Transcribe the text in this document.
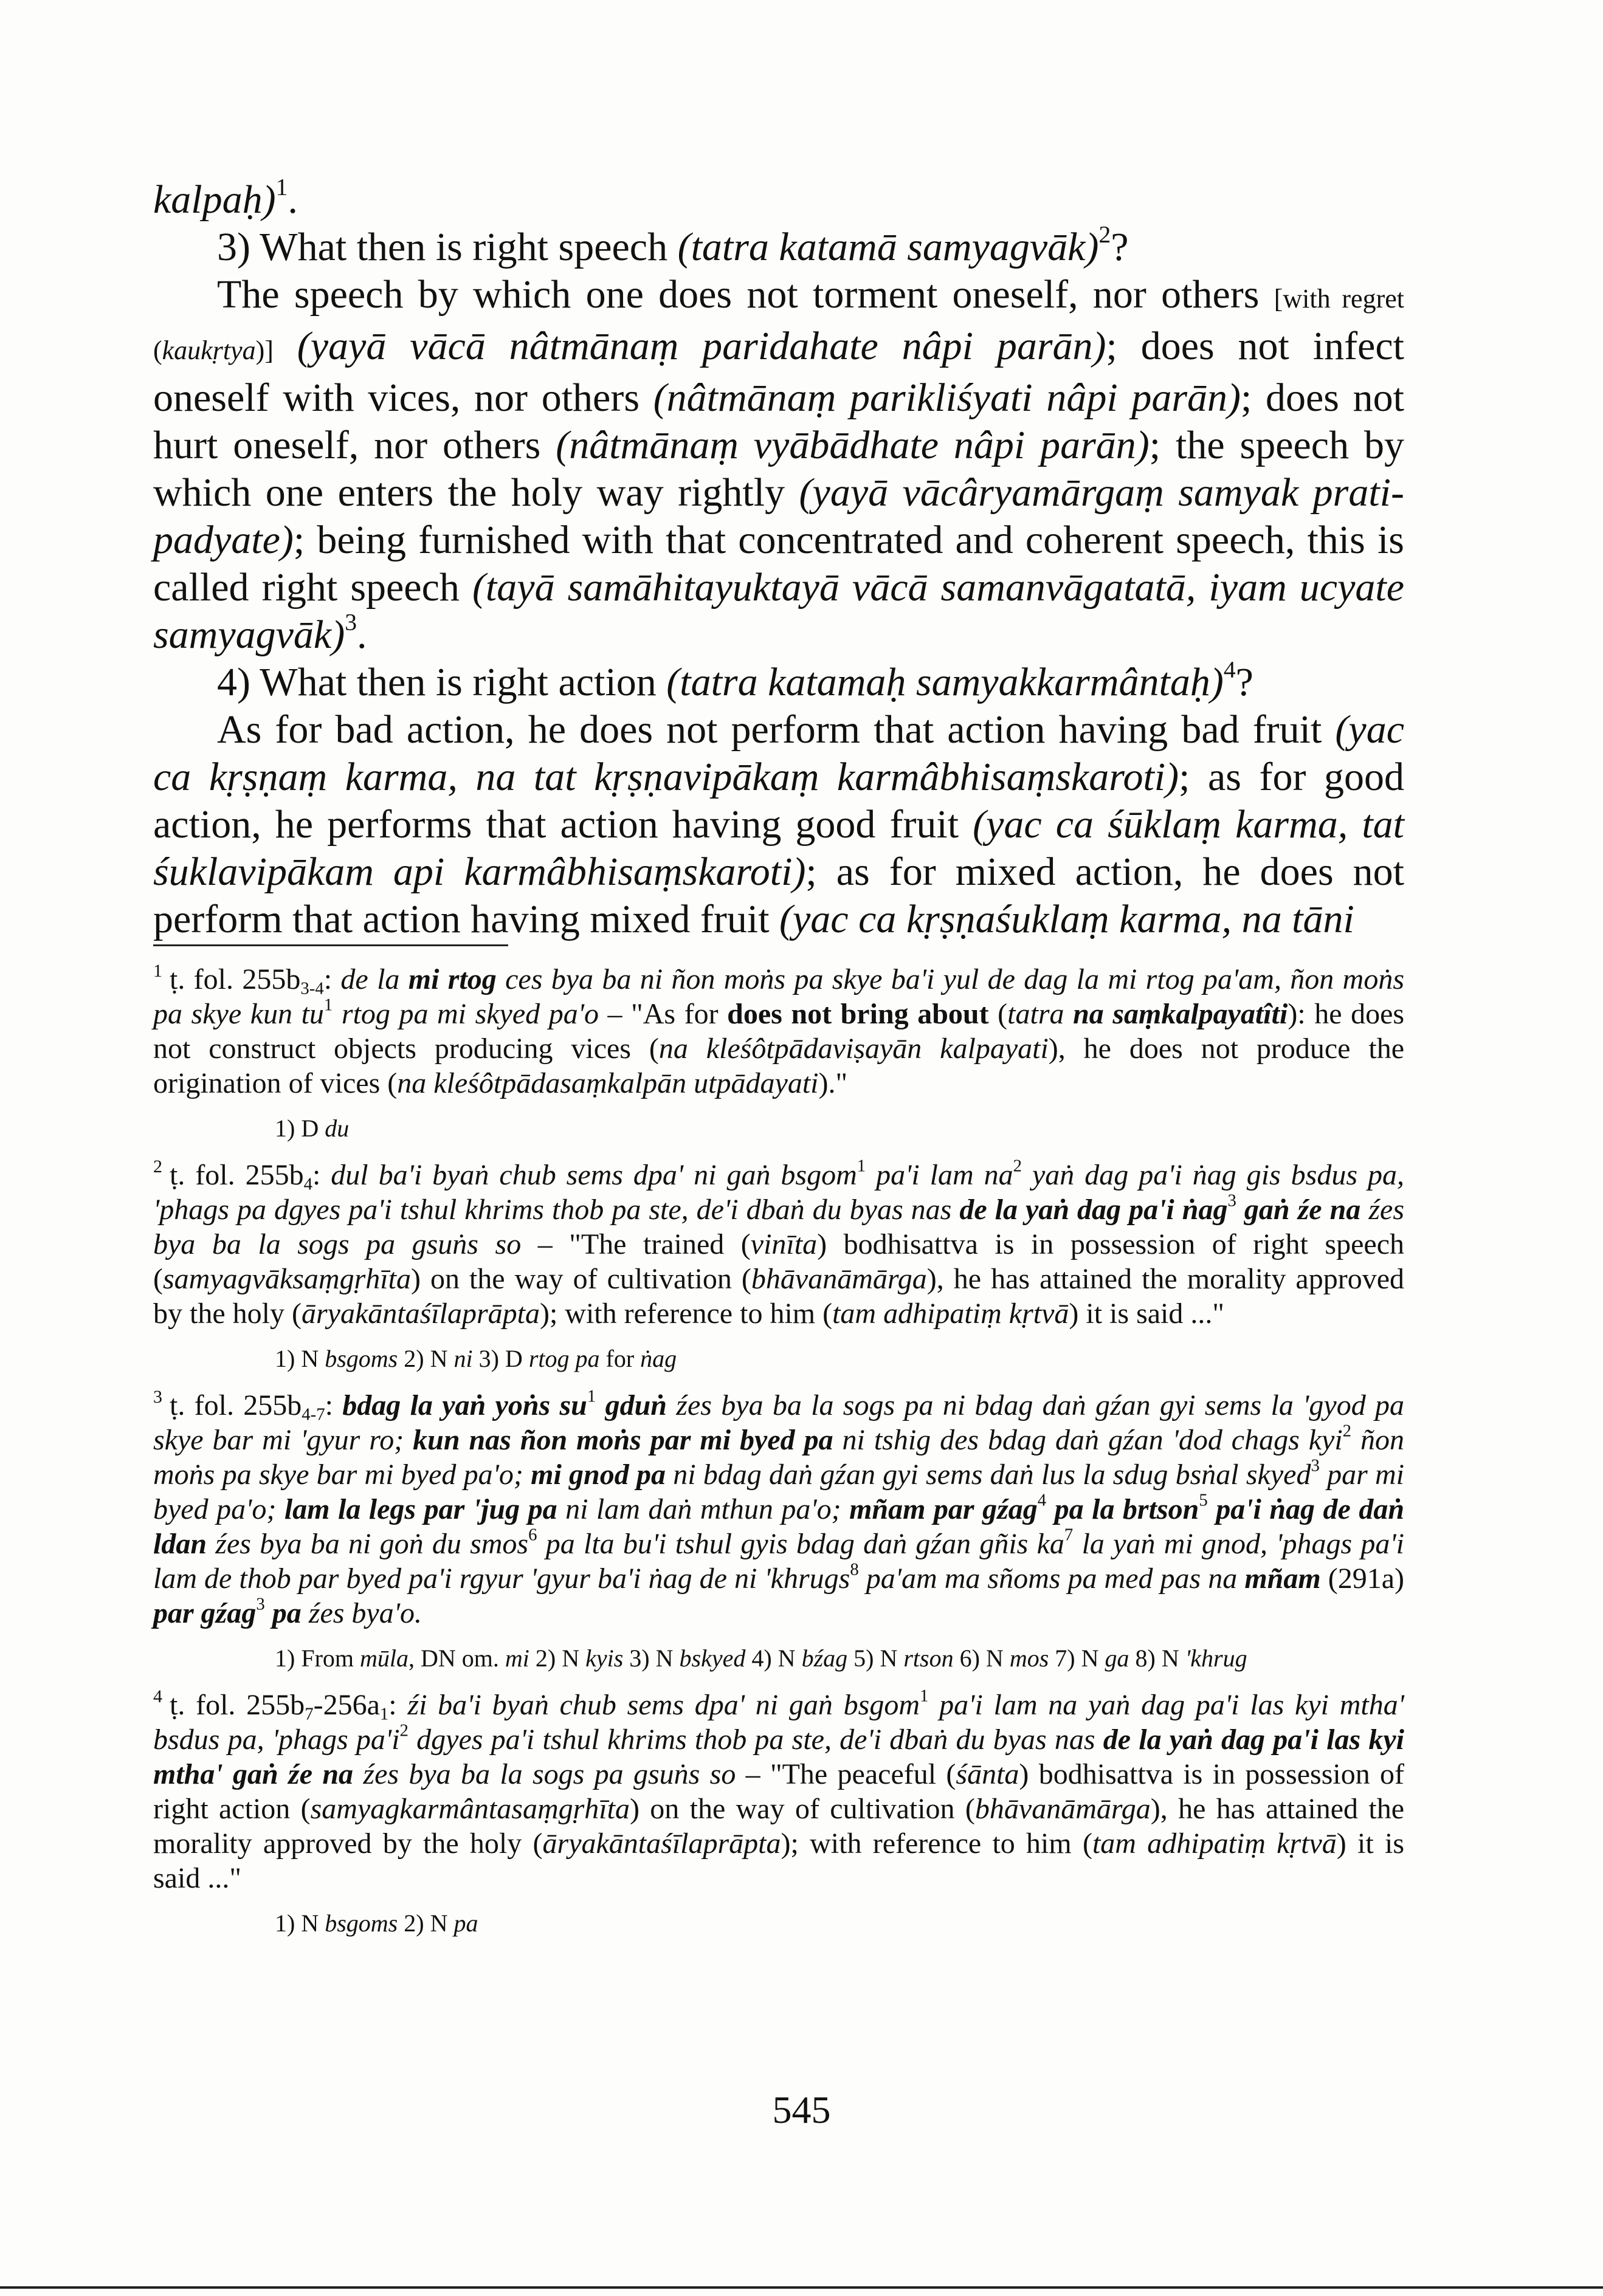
kalpaḥ)$^1$.

3) What then is right speech (tatra katamā samyagvāk)$^2$?

The speech by which one does not torment oneself, nor others [with regret (kaukṛtya)] (yayā vācā nâtmānaṃ paridahate nâpi parān); does not infect oneself with vices, nor others (nâtmānaṃ parikliśyati nâpi parān); does not hurt oneself, nor others (nâtmānaṃ vyābādhate nâpi parān); the speech by which one enters the holy way rightly (yayā vācâryamārgaṃ samyak prati-padyate); being furnished with that concentrated and coherent speech, this is called right speech (tayā samāhitayuktayā vācā samanvāgatatā, iyam ucyate samyagvāk)$^3$.

4) What then is right action (tatra katamaḥ samyakkarmântaḥ)$^4$?

As for bad action, he does not perform that action having bad fruit (yac ca kṛṣṇaṃ karma, na tat kṛṣṇavipākaṃ karmâbhisaṃskaroti); as for good action, he performs that action having good fruit (yac ca śūklaṃ karma, tat śuklavipākam api karmâbhisaṃskaroti); as for mixed action, he does not perform that action having mixed fruit (yac ca kṛṣṇaśuklaṃ karma, na tāni

$^1$ ṭ. fol. $255b_{3-4}$: de la mi rtog ces bya ba ni ñon moṅs pa skye ba'i yul de dag la mi rtog pa'am, ñon moṅs pa skye kun $tu^1$ rtog pa mi skyed pa'o – "As for does not bring about (tatra na saṃkalpayatîti): he does not construct objects producing vices (na kleśôtpādaviṣayān kalpayati), he does not produce the origination of vices (na kleśôtpādasaṃkalpān utpādayati)."

1) D du

$^2$ ṭ. fol. $255b_4$: dul ba'i byaṅ chub sems dpa' ni gaṅ bsgom$^1$ pa'i lam $na^2$ yaṅ dag pa'i ṅag gis bsdus pa, 'phags pa dgyes pa'i tshul khrims thob pa ste, de'i dbaṅ du byas nas de la yaṅ dag pa'i ṅag$^3$ gaṅ źe na źes bya ba la sogs pa gsuṅs so – "The trained (vinīta) bodhisattva is in possession of right speech (samyagvāksaṃgṛhīta) on the way of cultivation (bhāvanāmārga), he has attained the morality approved by the holy (āryakāntaśīlaprāpta); with reference to him (tam adhipatiṃ kṛtvā) it is said ..."

1) N bsgoms 2) N ni 3) D rtog pa for ṅag

$^3$ ṭ. fol. $255b_{4-7}$: bdag la yaṅ yoṅs $su^1$ gduṅ źes bya ba la sogs pa ni bdag daṅ gźan gyi sems la 'gyod pa skye bar mi 'gyur ro; kun nas ñon moṅs par mi byed pa ni tshig des bdag daṅ gźan 'dod chags kyi$^2$ ñon moṅs pa skye bar mi byed pa'o; mi gnod pa ni bdag daṅ gźan gyi sems daṅ lus la sdug bsṅal skyed$^3$ par mi byed pa'o; lam la legs par 'jug pa ni lam daṅ mthun pa'o; mñam par gźag$^4$ pa la brtson$^5$ pa'i ṅag de daṅ ldan źes bya ba ni goṅ du smos$^6$ pa lta bu'i tshul gyis bdag daṅ gźan gñis $ka^7$ la yaṅ mi gnod, 'phags pa'i lam de thob par byed pa'i rgyur 'gyur ba'i ṅag de ni 'khrugs$^8$ pa'am ma sñoms pa med pas na mñam (291a) par gźag$^3$ pa źes bya'o.

1) From mūla, DN om. mi 2) N kyis 3) N bskyed 4) N bźag 5) N rtson 6) N mos 7) N ga 8) N 'khrug

$^4$ ṭ. fol. $255b_7-256a_1$: źi ba'i byaṅ chub sems dpa' ni gaṅ bsgom$^1$ pa'i lam na yaṅ dag pa'i las kyi mtha' bsdus pa, 'phags $pa'i^2$ dgyes pa'i tshul khrims thob pa ste, de'i dbaṅ du byas nas de la yaṅ dag pa'i las kyi mtha' gaṅ źe na źes bya ba la sogs pa gsuṅs so – "The peaceful (śānta) bodhisattva is in possession of right action (samyagkarmântasaṃgṛhīta) on the way of cultivation (bhāvanāmārga), he has attained the morality approved by the holy (āryakāntaśīlaprāpta); with reference to him (tam adhipatiṃ kṛtvā) it is said ..."

1) N bsgoms 2) N pa
545
